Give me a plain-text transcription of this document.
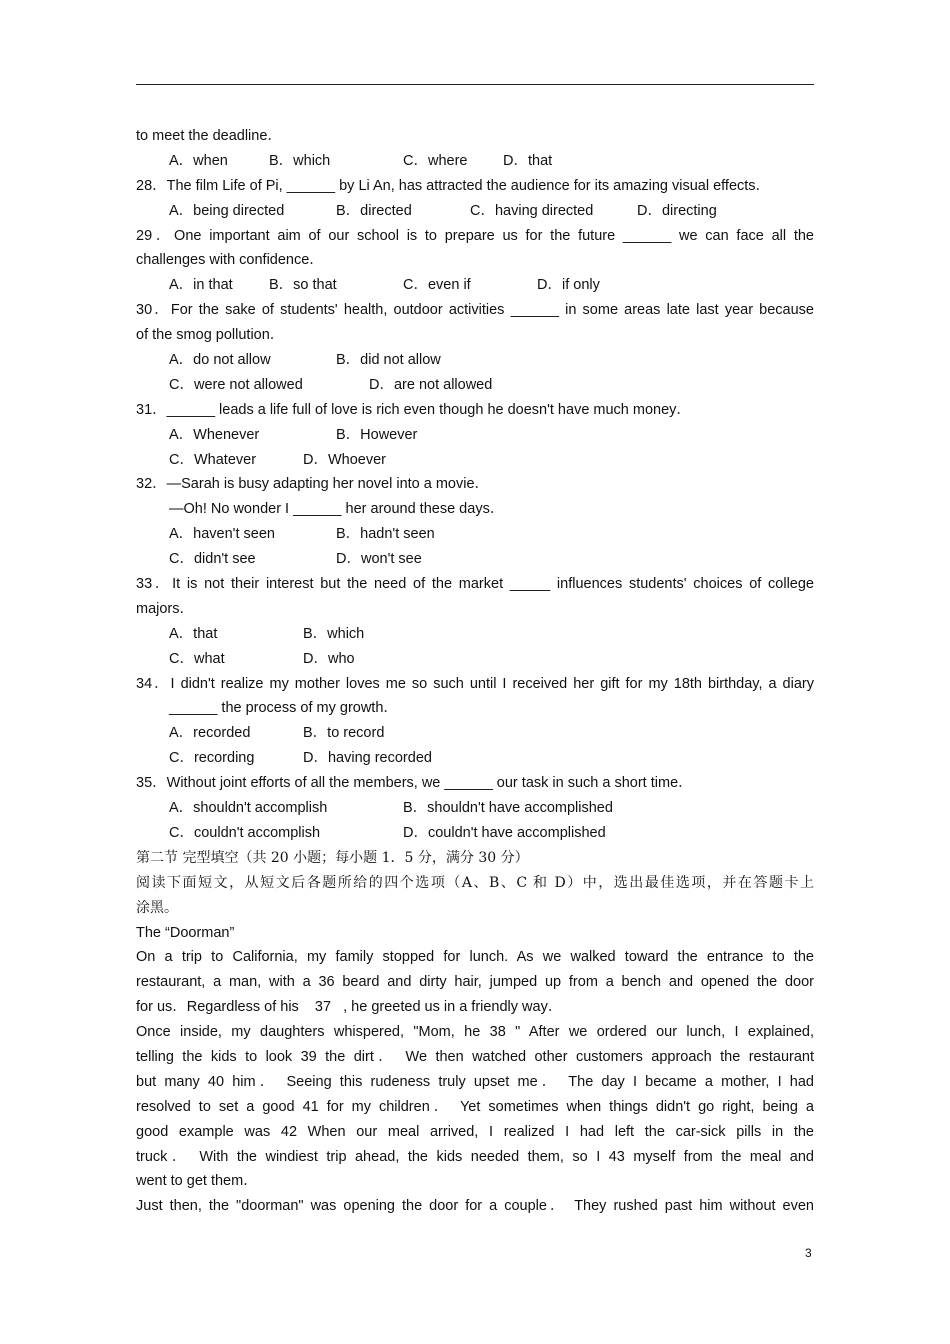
to meet the deadline．
A．when	B．which	C．where	D．that
28．The film Life of Pi, ______ by Li An, has attracted the audience for its amazing visual effects．
A．being directed	B．directed	C．having directed	D．directing
29．One important aim of our school is to prepare us for the future ______ we can face all the
challenges with confidence．
A．in that	B．so that	C．even if	D．if only
30．For the sake of students' health, outdoor activities ______ in some areas late last year because
of the smog pollution．
A．do not allow	B．did not allow
C．were not allowed	D．are not allowed
31．______ leads a life full of love is rich even though he doesn't have much money．
A．Whenever	B．However
C．Whatever	D．Whoever
32．—Sarah is busy adapting her novel into a movie．
—Oh! No wonder I ______ her around these days．
A．haven't seen	B．hadn't seen
C．didn't see	D．won't see
33．It is not their interest but the need of the market _____ influences students' choices of college
majors．
A．that	B．which
C．what	D．who
34．I didn't realize my mother loves me so such until I received her gift for my 18th birthday, a diary
______ the process of my growth．
A．recorded	B．to record
C．recording	D．having recorded
35．Without joint efforts of all the members, we ______ our task in such a short time．
A．shouldn't accomplish	B．shouldn't have accomplished
C．couldn't accomplish	D．couldn't have accomplished
第二节 完型填空（共 20 小题；每小题 1．5 分，满分 30 分）
阅读下面短文，从短文后各题所给的四个选项（A、B、C 和 D）中，选出最佳选项，并在答题卡上
涂黑。
The “Doorman”
On a trip to California, my family stopped for lunch. As we walked toward the entrance to the
restaurant, a man, with a 36 beard and dirty hair, jumped up from a bench and opened the door
for us．Regardless of his    37   , he greeted us in a friendly way．
Once inside, my daughters whispered, "Mom, he 38 " After we ordered our lunch, I explained,
telling the kids to look 39 the dirt． We then watched other customers approach the restaurant
but many 40 him． Seeing this rudeness truly upset me． The day I became a mother, I had
resolved to set a good 41 for my children． Yet sometimes when things didn't go right, being a
good example was 42 When our meal arrived, I realized I had left the car-sick pills in the
truck． With the windiest trip ahead, the kids needed them, so I 43 myself from the meal and
went to get them．
Just then, the "doorman" was opening the door for a couple． They rushed past him without even
3
